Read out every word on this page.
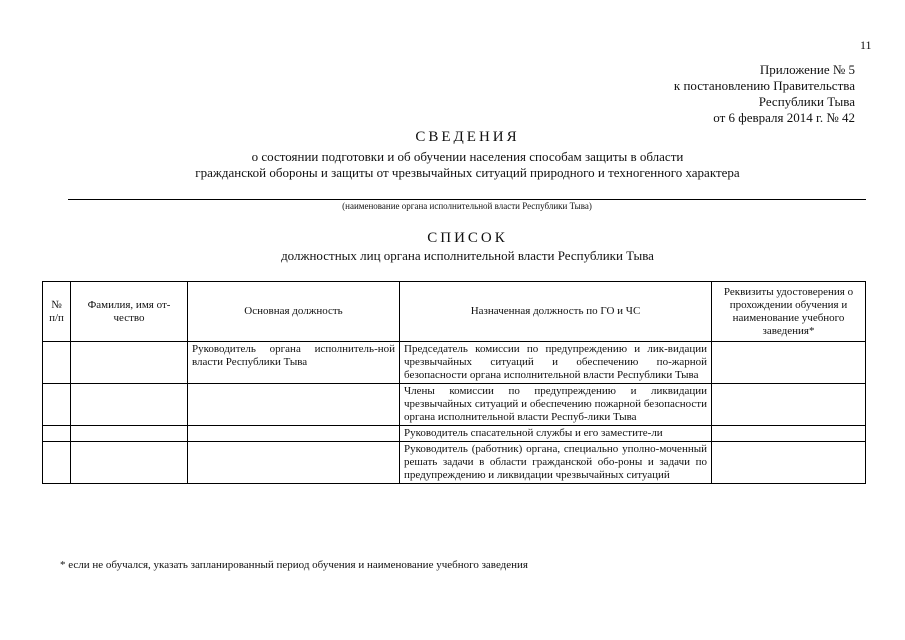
11
Приложение № 5
к постановлению Правительства
Республики Тыва
от 6 февраля 2014 г. № 42
СВЕДЕНИЯ
о состоянии подготовки и об обучении населения способам защиты в области
гражданской обороны и защиты от чрезвычайных ситуаций природного и техногенного характера
(наименование органа исполнительной власти Республики Тыва)
СПИСОК
должностных лиц органа исполнительной власти Республики Тыва
№ п/п	Фамилия, имя от-чество	Основная должность	Назначенная должность по ГО и ЧС	Реквизиты удостоверения о прохождении обучения и наименование учебного заведения*
		Руководитель органа исполнитель-ной власти Республики Тыва	Председатель комиссии по предупреждению и лик-видации чрезвычайных ситуаций и обеспечению по-жарной безопасности органа исполнительной власти Республики Тыва	
			Члены комиссии по предупреждению и ликвидации чрезвычайных ситуаций и обеспечению пожарной безопасности органа исполнительной власти Респуб-лики Тыва	
			Руководитель спасательной службы и его заместите-ли	
			Руководитель (работник) органа, специально уполно-моченный решать задачи в области гражданской обо-роны и задачи по предупреждению и ликвидации чрезвычайных ситуаций	
* если не обучался, указать запланированный период обучения и наименование учебного заведения
